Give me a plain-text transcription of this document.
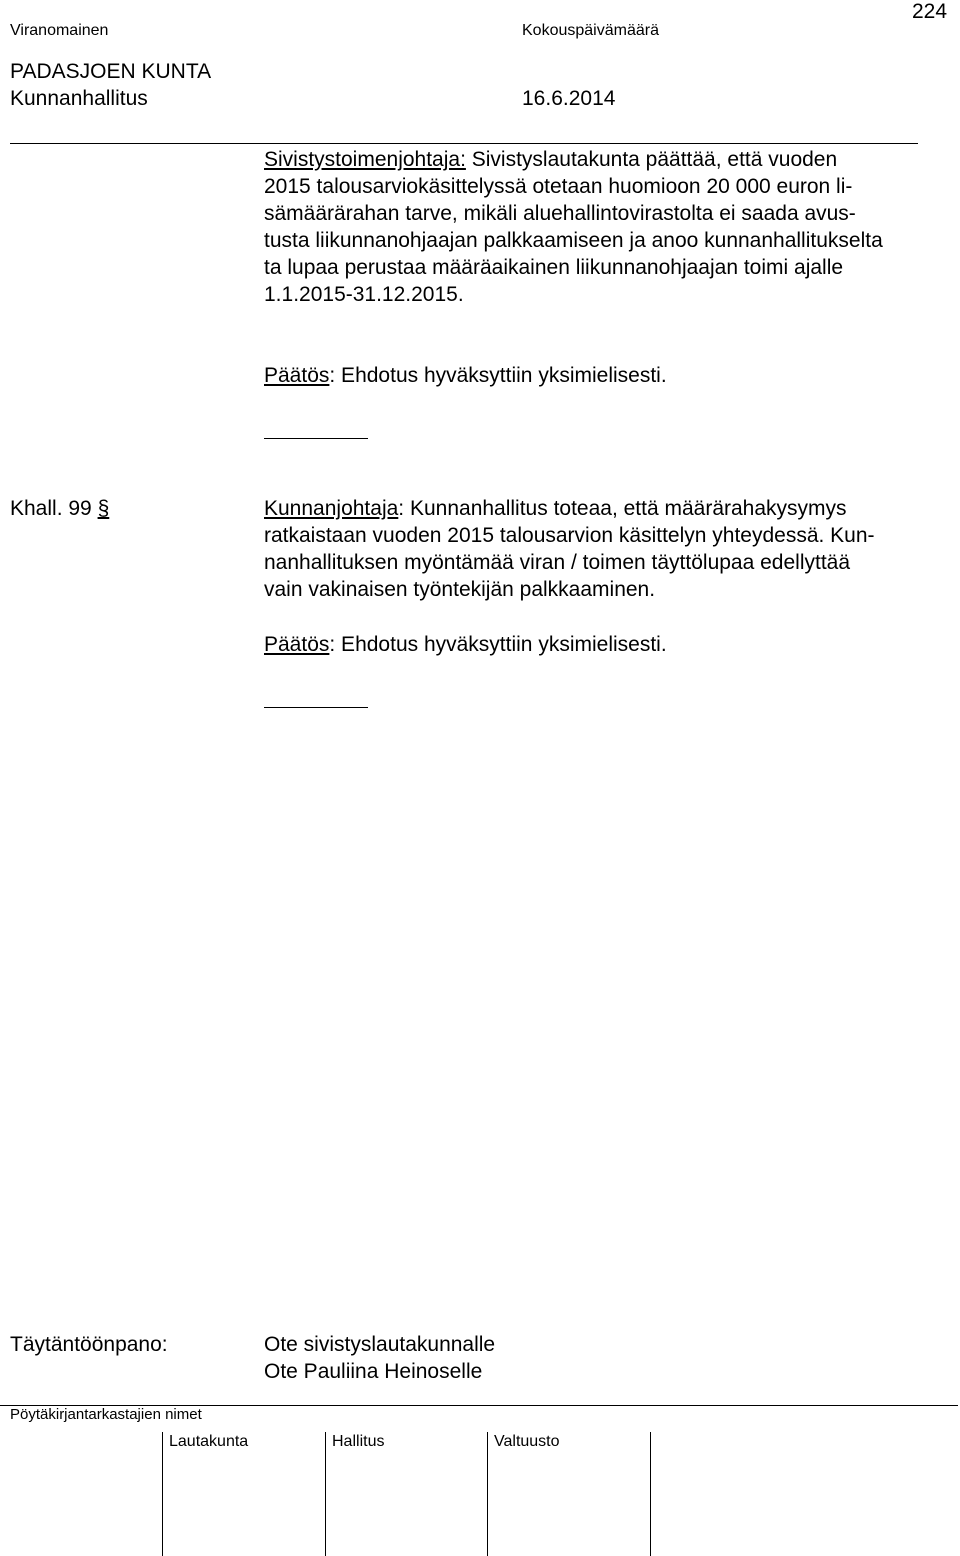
Viranomainen	Kokouspäivämäärä
224
PADASJOEN KUNTA
Kunnanhallitus	16.6.2014
Sivistystoimenjohtaja: Sivistyslautakunta päättää, että vuoden
2015 talousarviokäsittelyssä otetaan huomioon 20 000 euron li-
sämäärärahan tarve, mikäli aluehallintovirastolta ei saada avus-
tusta liikunnanohjaajan palkkaamiseen ja anoo kunnanhallitukselta
ta lupaa perustaa määräaikainen liikunnanohjaajan toimi ajalle
1.1.2015-31.12.2015.
Päätös: Ehdotus hyväksyttiin yksimielisesti.
Khall. 99 §	Kunnanjohtaja: Kunnanhallitus toteaa, että määrärahakysymys
ratkaistaan vuoden 2015 talousarvion käsittelyn yhteydessä. Kun-
nanhallituksen myöntämää viran / toimen täyttölupaa edellyttää
vain vakinaisen työntekijän palkkaaminen.
Päätös: Ehdotus hyväksyttiin yksimielisesti.
Täytäntöönpano:	Ote sivistyslautakunnalle
Ote Pauliina Heinoselle
Pöytäkirjantarkastajien nimet
Lautakunta	Hallitus	Valtuusto
